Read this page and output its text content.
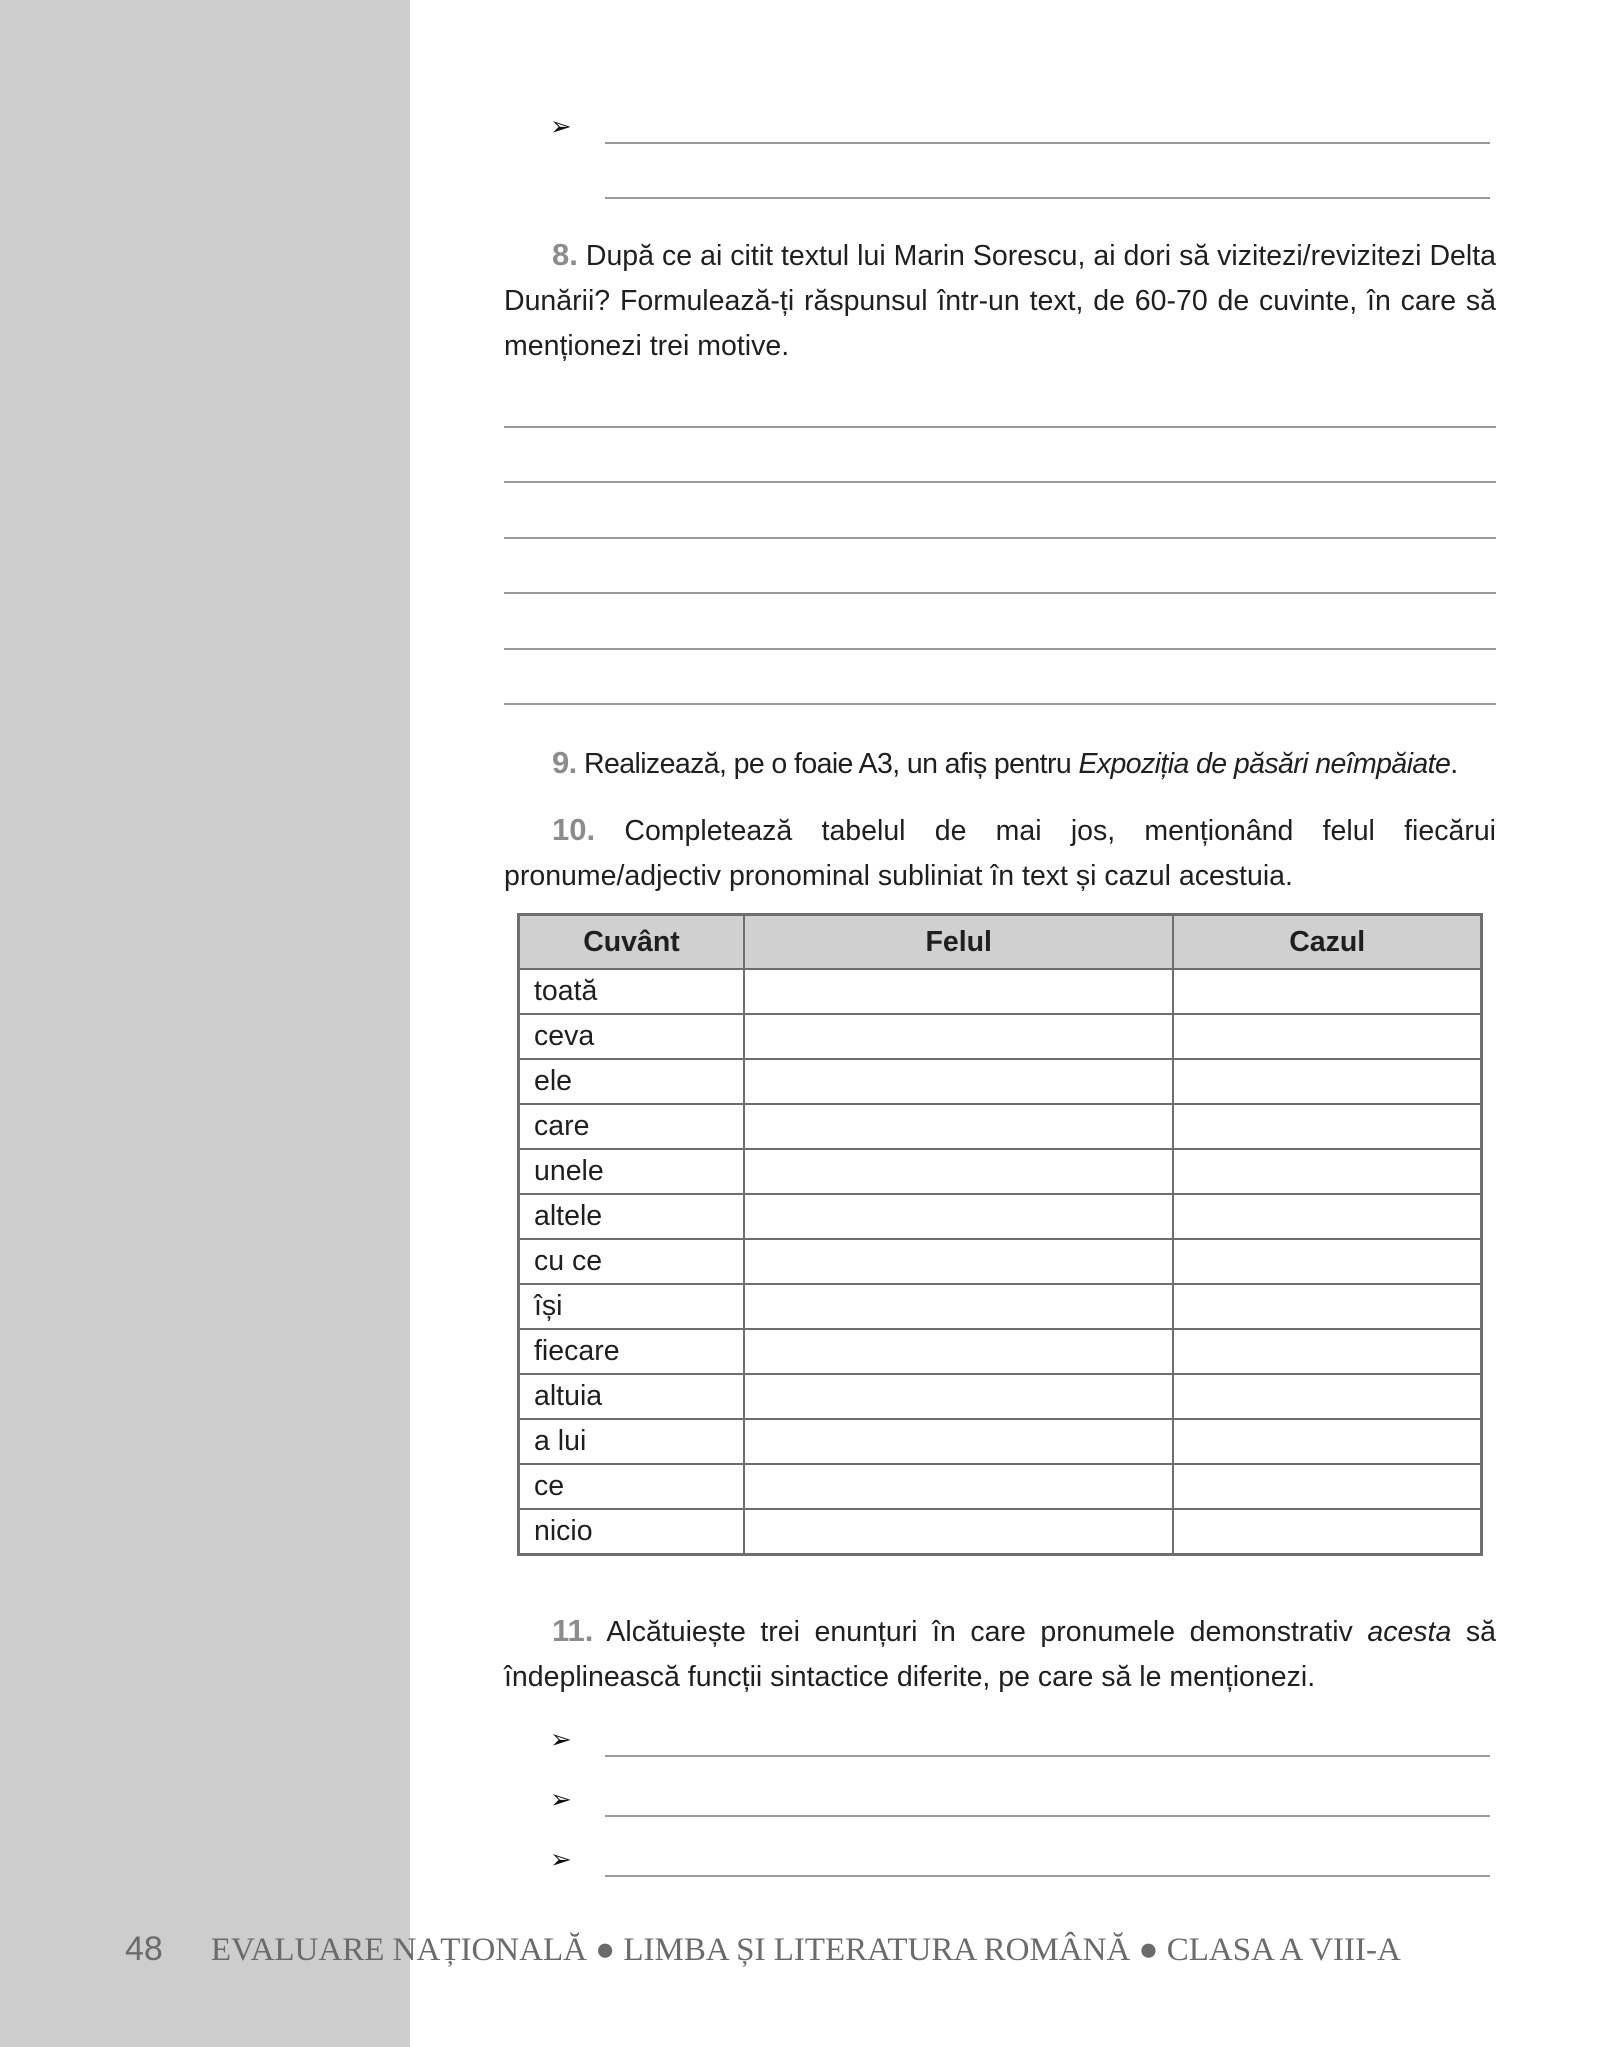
➢
8. După ce ai citit textul lui Marin Sorescu, ai dori să vizitezi/revizitezi Delta Dunării? Formulează-ți răspunsul într-un text, de 60-70 de cuvinte, în care să menționezi trei motive.
9. Realizează, pe o foaie A3, un afiș pentru Expoziția de păsări neîmpăiate.
10. Completează tabelul de mai jos, menționând felul fiecărui pronume/adjectiv pronominal subliniat în text și cazul acestuia.
Cuvânt	Felul	Cazul
toată		
ceva		
ele		
care		
unele		
altele		
cu ce		
își		
fiecare		
altuia		
a lui		
ce		
nicio		
11. Alcătuiește trei enunțuri în care pronumele demonstrativ acesta să îndeplinească funcții sintactice diferite, pe care să le menționezi.
➢
➢
➢
48 EVALUARE NAȚIONALĂ ● LIMBA ȘI LITERATURA ROMÂNĂ ● CLASA A VIII-A
